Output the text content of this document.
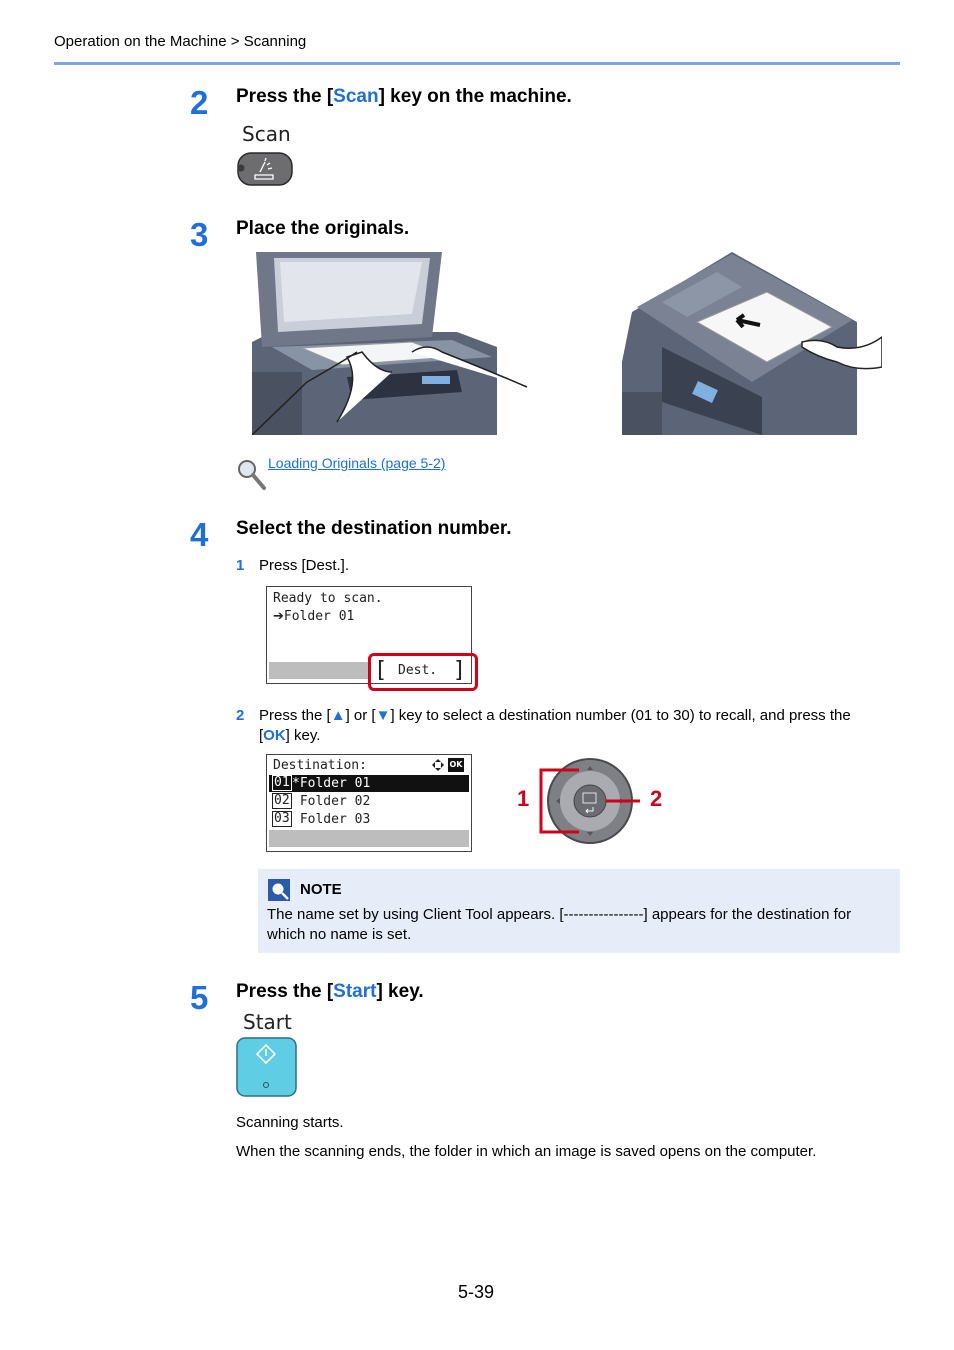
Operation on the Machine > Scanning
2 Press the [Scan] key on the machine.
Scan
3 Place the originals.
Loading Originals (page 5-2)
4 Select the destination number.
1 Press [Dest.].
Ready to scan.
➔Folder 01
[ Dest. ]
2 Press the [▲] or [▼] key to select a destination number (01 to 30) to recall, and press the
[OK] key.
Destination:	OK
01 *Folder 01
02 Folder 02
03 Folder 03
1	2
NOTE
The name set by using Client Tool appears. [----------------] appears for the destination for
which no name is set.
5 Press the [Start] key.
Start
Scanning starts.
When the scanning ends, the folder in which an image is saved opens on the computer.
5-39
